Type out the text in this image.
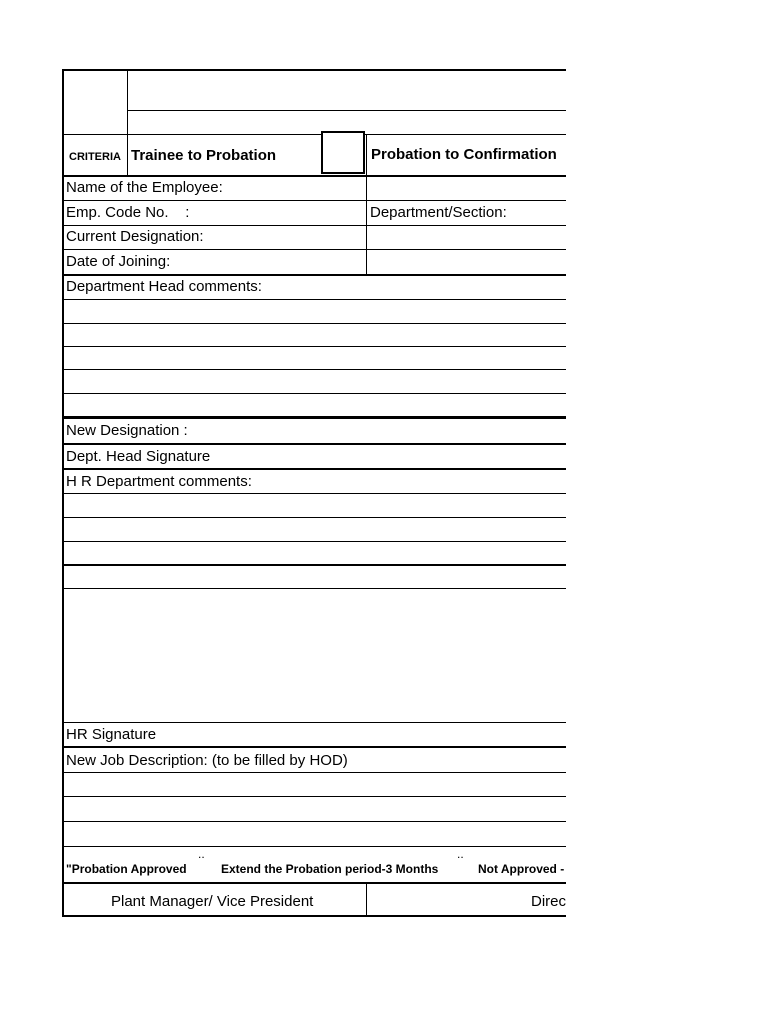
CRITERIA Trainee to Probation	Probation to Confirmation
Name of the Employee:
Emp. Code No.    :	Department/Section:
Current Designation:
Date of Joining:
Department Head comments:
New Designation :
Dept. Head Signature
H R Department comments:
HR Signature
New Job Description: (to be filled by HOD)
"Probation Approved
..
Extend the Probation period-3 Months
..
Not Approved -
Plant Manager/ Vice President	Direc
